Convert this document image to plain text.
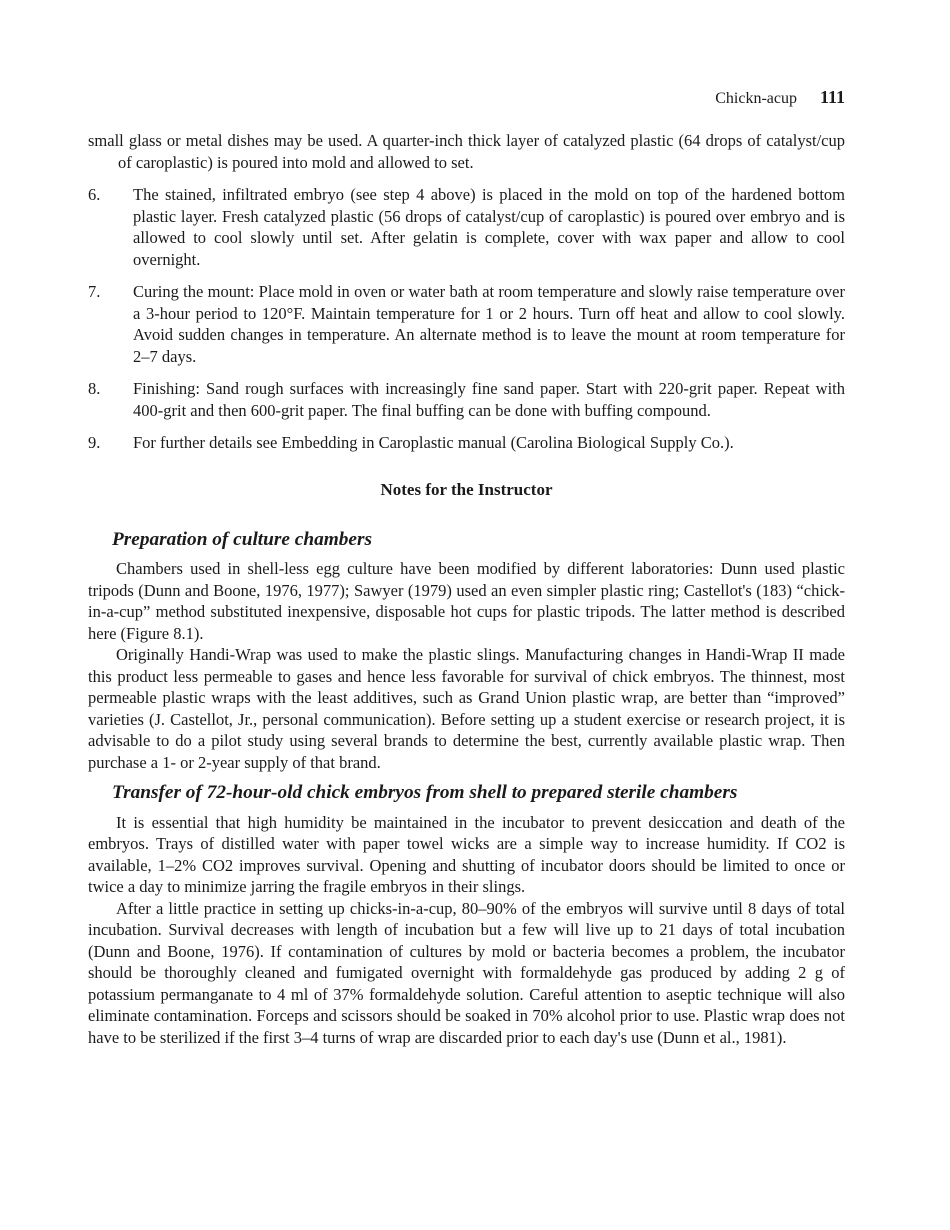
Chickn-acup 111

small glass or metal dishes may be used. A quarter-inch thick layer of catalyzed plastic (64 drops of catalyst/cup of caroplastic) is poured into mold and allowed to set.

6. The stained, infiltrated embryo (see step 4 above) is placed in the mold on top of the hardened bottom plastic layer. Fresh catalyzed plastic (56 drops of catalyst/cup of caroplastic) is poured over embryo and is allowed to cool slowly until set. After gelatin is complete, cover with wax paper and allow to cool overnight.
7. Curing the mount: Place mold in oven or water bath at room temperature and slowly raise temperature over a 3-hour period to 120°F. Maintain temperature for 1 or 2 hours. Turn off heat and allow to cool slowly. Avoid sudden changes in temperature. An alternate method is to leave the mount at room temperature for 2–7 days.
8. Finishing: Sand rough surfaces with increasingly fine sand paper. Start with 220-grit paper. Repeat with 400-grit and then 600-grit paper. The final buffing can be done with buffing compound.
9. For further details see Embedding in Caroplastic manual (Carolina Biological Supply Co.).
Notes for the Instructor
Preparation of culture chambers

Chambers used in shell-less egg culture have been modified by different laboratories: Dunn used plastic tripods (Dunn and Boone, 1976, 1977); Sawyer (1979) used an even simpler plastic ring; Castellot's (183) “chick-in-a-cup” method substituted inexpensive, disposable hot cups for plastic tripods. The latter method is described here (Figure 8.1).

Originally Handi-Wrap was used to make the plastic slings. Manufacturing changes in Handi-Wrap II made this product less permeable to gases and hence less favorable for survival of chick embryos. The thinnest, most permeable plastic wraps with the least additives, such as Grand Union plastic wrap, are better than “improved” varieties (J. Castellot, Jr., personal communication). Before setting up a student exercise or research project, it is advisable to do a pilot study using several brands to determine the best, currently available plastic wrap. Then purchase a 1- or 2-year supply of that brand.

Transfer of 72-hour-old chick embryos from shell to prepared sterile chambers

It is essential that high humidity be maintained in the incubator to prevent desiccation and death of the embryos. Trays of distilled water with paper towel wicks are a simple way to increase humidity. If CO2 is available, 1–2% CO2 improves survival. Opening and shutting of incubator doors should be limited to once or twice a day to minimize jarring the fragile embryos in their slings.

After a little practice in setting up chicks-in-a-cup, 80–90% of the embryos will survive until 8 days of total incubation. Survival decreases with length of incubation but a few will live up to 21 days of total incubation (Dunn and Boone, 1976). If contamination of cultures by mold or bacteria becomes a problem, the incubator should be thoroughly cleaned and fumigated overnight with formaldehyde gas produced by adding 2 g of potassium permanganate to 4 ml of 37% formaldehyde solution. Careful attention to aseptic technique will also eliminate contamination. Forceps and scissors should be soaked in 70% alcohol prior to use. Plastic wrap does not have to be sterilized if the first 3–4 turns of wrap are discarded prior to each day's use (Dunn et al., 1981).
